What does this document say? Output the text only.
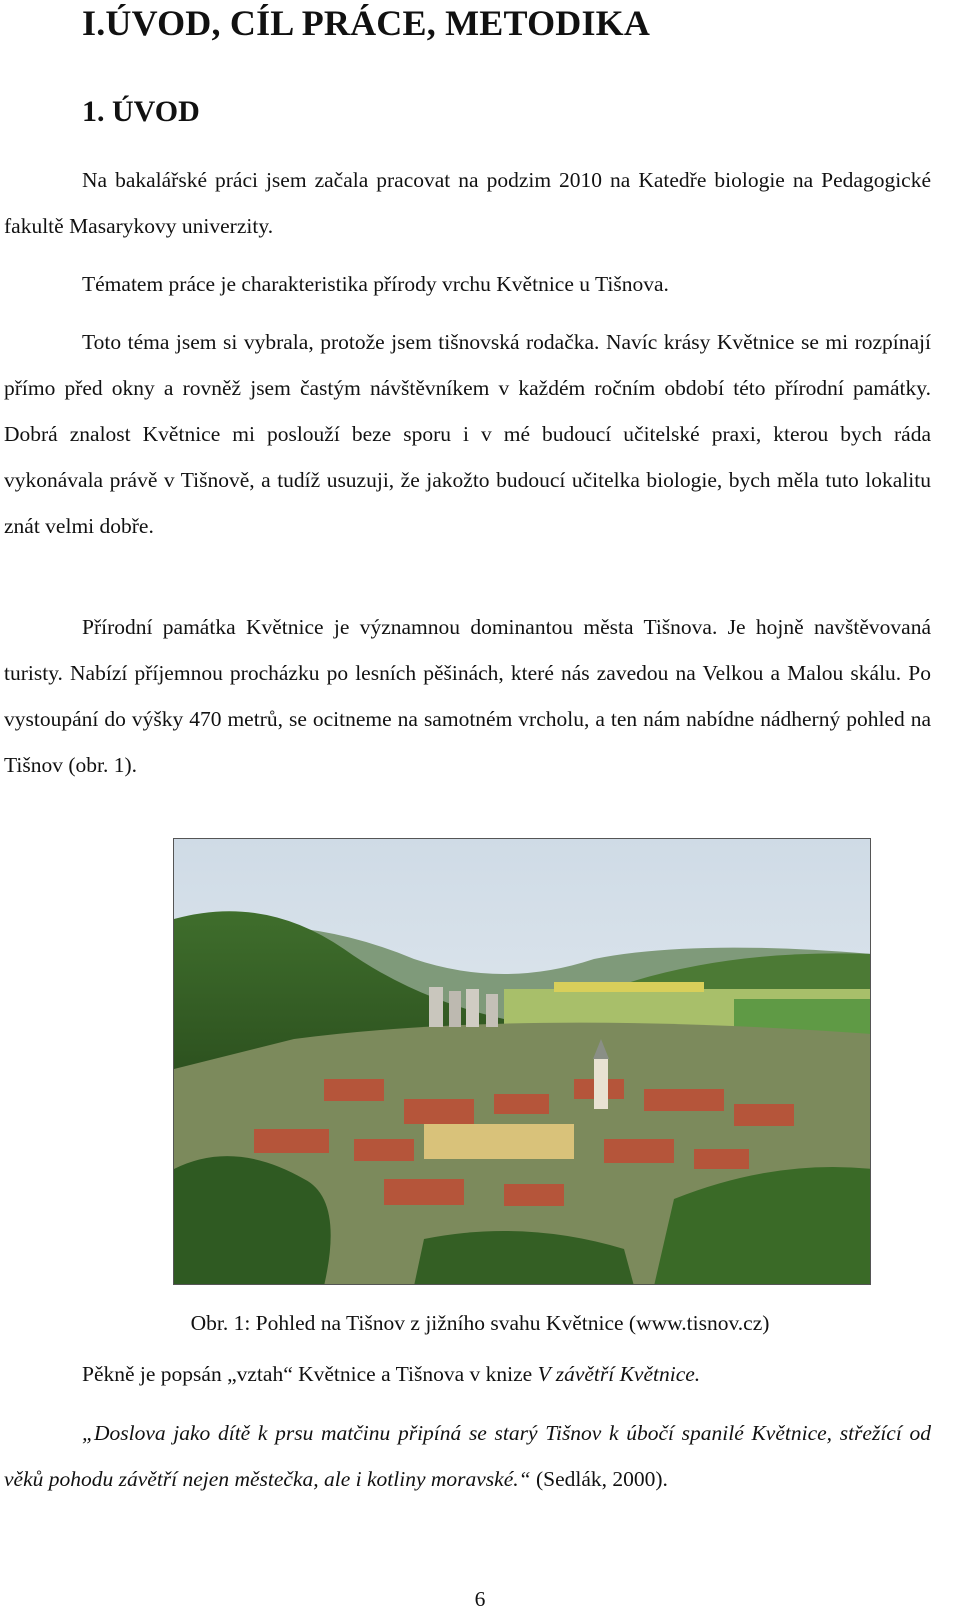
I.ÚVOD, CÍL PRÁCE, METODIKA
1. ÚVOD

Na bakalářské práci jsem začala pracovat na podzim 2010 na Katedře biologie na Pedagogické fakultě Masarykovy univerzity.

Tématem práce je charakteristika přírody vrchu Květnice u Tišnova.

Toto téma jsem si vybrala, protože jsem tišnovská rodačka. Navíc krásy Květnice se mi rozpínají přímo před okny a rovněž jsem častým návštěvníkem v každém ročním období této přírodní památky. Dobrá znalost Květnice mi poslouží beze sporu i v mé budoucí učitelské praxi, kterou bych ráda vykonávala právě v Tišnově, a tudíž usuzuji, že jakožto budoucí učitelka biologie, bych měla tuto lokalitu znát velmi dobře.

Přírodní památka Květnice je významnou dominantou města Tišnova. Je hojně navštěvovaná turisty. Nabízí příjemnou procházku po lesních pěšinách, které nás zavedou na Velkou a Malou skálu. Po vystoupání do výšky 470 metrů, se ocitneme na samotném vrcholu, a ten nám nabídne nádherný pohled na Tišnov (obr. 1).

Obr. 1: Pohled na Tišnov z jižního svahu Květnice (www.tisnov.cz)

Pěkně je popsán „vztah“ Květnice a Tišnova v knize V závětří Květnice.

„Doslova jako dítě k prsu matčinu připíná se starý Tišnov k úbočí spanilé Květnice, střežící od věků pohodu závětří nejen městečka, ale i kotliny moravské.“ (Sedlák, 2000).

6
